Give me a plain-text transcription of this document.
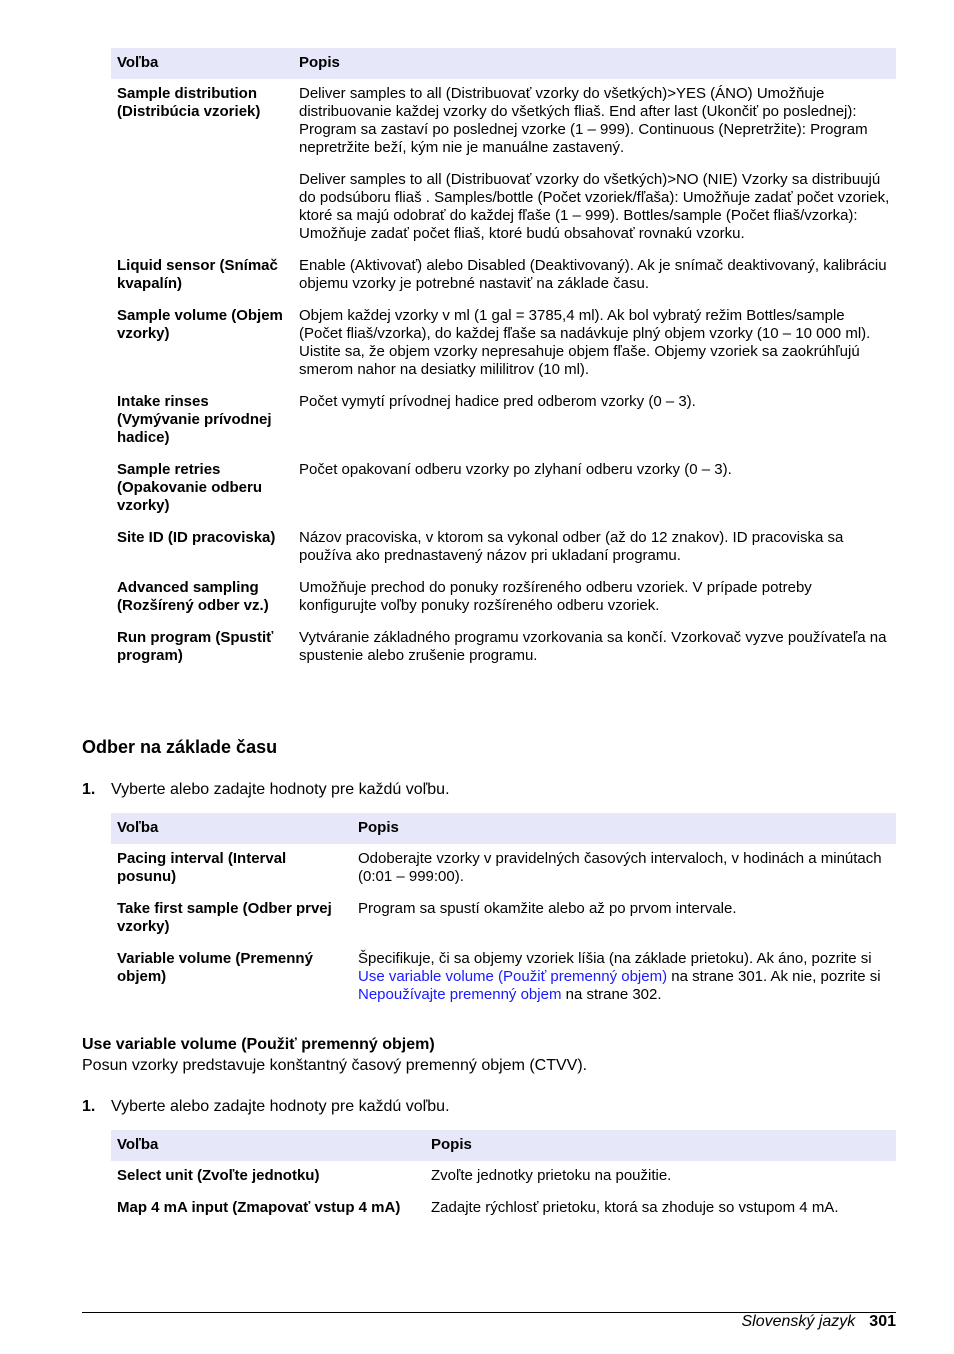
Voľba	Popis
Sample distribution (Distribúcia vzoriek)	Deliver samples to all (Distribuovať vzorky do všetkých)>YES (ÁNO) Umožňuje distribuovanie každej vzorky do všetkých fliaš. End after last (Ukončiť po poslednej): Program sa zastaví po poslednej vzorke (1 – 999). Continuous (Nepretržite): Program nepretržite beží, kým nie je manuálne zastavený.

Deliver samples to all (Distribuovať vzorky do všetkých)>NO (NIE) Vzorky sa distribuujú do podsúboru fliaš . Samples/bottle (Počet vzoriek/fľaša): Umožňuje zadať počet vzoriek, ktoré sa majú odobrať do každej fľaše (1 – 999). Bottles/sample (Počet fliaš/vzorka): Umožňuje zadať počet fliaš, ktoré budú obsahovať rovnakú vzorku.

Liquid sensor (Snímač kvapalín)	Enable (Aktivovať) alebo Disabled (Deaktivovaný). Ak je snímač deaktivovaný, kalibráciu objemu vzorky je potrebné nastaviť na základe času.
Sample volume (Objem vzorky)	Objem každej vzorky v ml (1 gal = 3785,4 ml). Ak bol vybratý režim Bottles/sample (Počet fliaš/vzorka), do každej fľaše sa nadávkuje plný objem vzorky (10 – 10 000 ml). Uistite sa, že objem vzorky nepresahuje objem fľaše. Objemy vzoriek sa zaokrúhľujú smerom nahor na desiatky mililitrov (10 ml).
Intake rinses (Vymývanie prívodnej hadice)	Počet vymytí prívodnej hadice pred odberom vzorky (0 – 3).
Sample retries (Opakovanie odberu vzorky)	Počet opakovaní odberu vzorky po zlyhaní odberu vzorky (0 – 3).
Site ID (ID pracoviska)	Názov pracoviska, v ktorom sa vykonal odber (až do 12 znakov). ID pracoviska sa používa ako prednastavený názov pri ukladaní programu.
Advanced sampling (Rozšírený odber vz.)	Umožňuje prechod do ponuky rozšíreného odberu vzoriek. V prípade potreby konfigurujte voľby ponuky rozšíreného odberu vzoriek.
Run program (Spustiť program)	Vytváranie základného programu vzorkovania sa končí. Vzorkovač vyzve používateľa na spustenie alebo zrušenie programu.
Odber na základe času
1. Vyberte alebo zadajte hodnoty pre každú voľbu.
Voľba	Popis
Pacing interval (Interval posunu)	Odoberajte vzorky v pravidelných časových intervaloch, v hodinách a minútach (0:01 – 999:00).
Take first sample (Odber prvej vzorky)	Program sa spustí okamžite alebo až po prvom intervale.
Variable volume (Premenný objem)	Špecifikuje, či sa objemy vzoriek líšia (na základe prietoku). Ak áno, pozrite si Use variable volume (Použiť premenný objem) na strane 301. Ak nie, pozrite si Nepoužívajte premenný objem na strane 302.
Use variable volume (Použiť premenný objem)
Posun vzorky predstavuje konštantný časový premenný objem (CTVV).
1. Vyberte alebo zadajte hodnoty pre každú voľbu.
Voľba	Popis
Select unit (Zvoľte jednotku)	Zvoľte jednotky prietoku na použitie.
Map 4 mA input (Zmapovať vstup 4 mA)	Zadajte rýchlosť prietoku, ktorá sa zhoduje so vstupom 4 mA.
Slovenský jazyk 301
